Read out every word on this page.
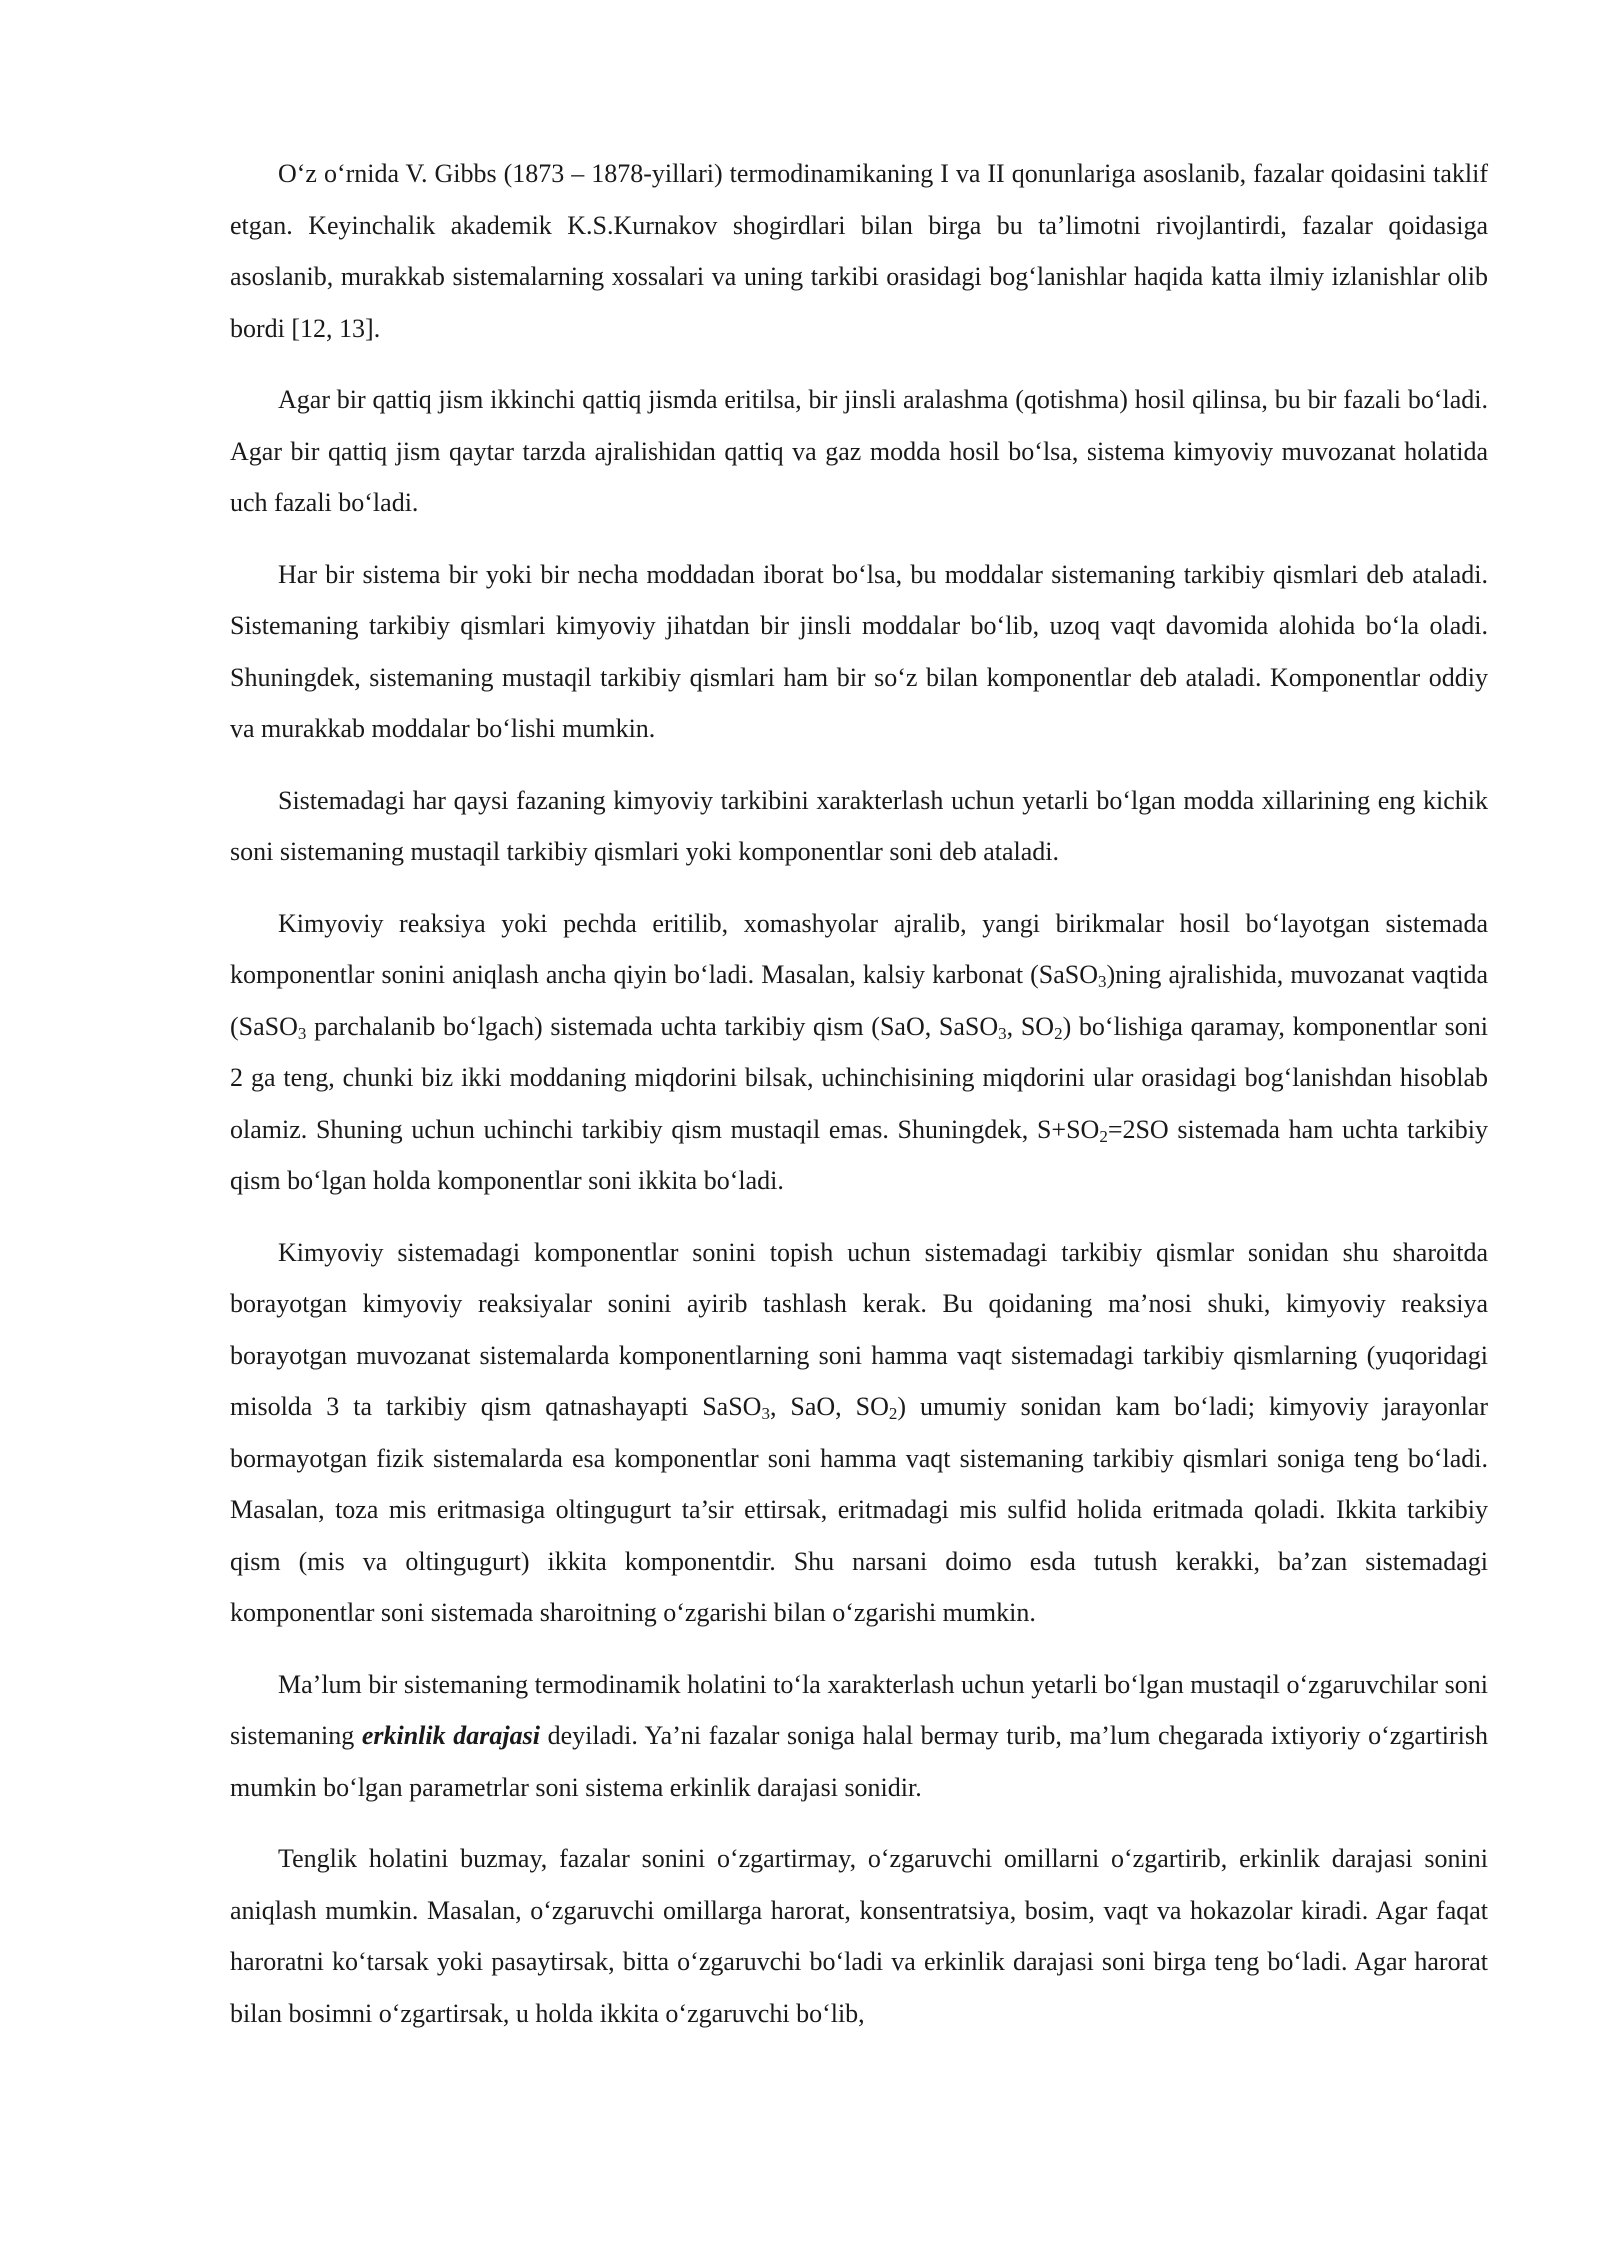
O‘z o‘rnida V. Gibbs (1873 – 1878-yillari) termodinamikaning I va II qonunlariga asoslanib, fazalar qoidasini taklif etgan. Keyinchalik akademik K.S.Kurnakov shogirdlari bilan birga bu ta’limotni rivojlantirdi, fazalar qoidasiga asoslanib, murakkab sistemalarning xossalari va uning tarkibi orasidagi bog‘lanishlar haqida katta ilmiy izlanishlar olib bordi [12, 13].

Agar bir qattiq jism ikkinchi qattiq jismda eritilsa, bir jinsli aralashma (qotishma) hosil qilinsa, bu bir fazali bo‘ladi. Agar bir qattiq jism qaytar tarzda ajralishidan qattiq va gaz modda hosil bo‘lsa, sistema kimyoviy muvozanat holatida uch fazali bo‘ladi.

Har bir sistema bir yoki bir necha moddadan iborat bo‘lsa, bu moddalar sistemaning tarkibiy qismlari deb ataladi. Sistemaning tarkibiy qismlari kimyoviy jihatdan bir jinsli moddalar bo‘lib, uzoq vaqt davomida alohida bo‘la oladi. Shuningdek, sistemaning mustaqil tarkibiy qismlari ham bir so‘z bilan komponentlar deb ataladi. Komponentlar oddiy va murakkab moddalar bo‘lishi mumkin.

Sistemadagi har qaysi fazaning kimyoviy tarkibini xarakterlash uchun yetarli bo‘lgan modda xillarining eng kichik soni sistemaning mustaqil tarkibiy qismlari yoki komponentlar soni deb ataladi.

Kimyoviy reaksiya yoki pechda eritilib, xomashyolar ajralib, yangi birikmalar hosil bo‘layotgan sistemada komponentlar sonini aniqlash ancha qiyin bo‘ladi. Masalan, kalsiy karbonat (SaSO$_3$)ning ajralishida, muvozanat vaqtida (SaSO$_3$ parchalanib bo‘lgach) sistemada uchta tarkibiy qism (SaO, SaSO$_3$, $SO_2$) bo‘lishiga qaramay, komponentlar soni 2 ga teng, chunki biz ikki moddaning miqdorini bilsak, uchinchisining miqdorini ular orasidagi bog‘lanishdan hisoblab olamiz. Shuning uchun uchinchi tarkibiy qism mustaqil emas. Shuningdek, $S+SO_2=2SO$ sistemada ham uchta tarkibiy qism bo‘lgan holda komponentlar soni ikkita bo‘ladi.

Kimyoviy sistemadagi komponentlar sonini topish uchun sistemadagi tarkibiy qismlar sonidan shu sharoitda borayotgan kimyoviy reaksiyalar sonini ayirib tashlash kerak. Bu qoidaning ma’nosi shuki, kimyoviy reaksiya borayotgan muvozanat sistemalarda komponentlarning soni hamma vaqt sistemadagi tarkibiy qismlarning (yuqoridagi misolda 3 ta tarkibiy qism qatnashayapti SaSO$_3$, SaO, $SO_2$) umumiy sonidan kam bo‘ladi; kimyoviy jarayonlar bormayotgan fizik sistemalarda esa komponentlar soni hamma vaqt sistemaning tarkibiy qismlari soniga teng bo‘ladi. Masalan, toza mis eritmasiga oltingugurt ta’sir ettirsak, eritmadagi mis sulfid holida eritmada qoladi. Ikkita tarkibiy qism (mis va oltingugurt) ikkita komponentdir. Shu narsani doimo esda tutush kerakki, ba’zan sistemadagi komponentlar soni sistemada sharoitning o‘zgarishi bilan o‘zgarishi mumkin.

Ma’lum bir sistemaning termodinamik holatini to‘la xarakterlash uchun yetarli bo‘lgan mustaqil o‘zgaruvchilar soni sistemaning erkinlik darajasi deyiladi. Ya’ni fazalar soniga halal bermay turib, ma’lum chegarada ixtiyoriy o‘zgartirish mumkin bo‘lgan parametrlar soni sistema erkinlik darajasi sonidir.

Tenglik holatini buzmay, fazalar sonini o‘zgartirmay, o‘zgaruvchi omillarni o‘zgartirib, erkinlik darajasi sonini aniqlash mumkin. Masalan, o‘zgaruvchi omillarga harorat, konsentratsiya, bosim, vaqt va hokazolar kiradi. Agar faqat haroratni ko‘tarsak yoki pasaytirsak, bitta o‘zgaruvchi bo‘ladi va erkinlik darajasi soni birga teng bo‘ladi. Agar harorat bilan bosimni o‘zgartirsak, u holda ikkita o‘zgaruvchi bo‘lib,
